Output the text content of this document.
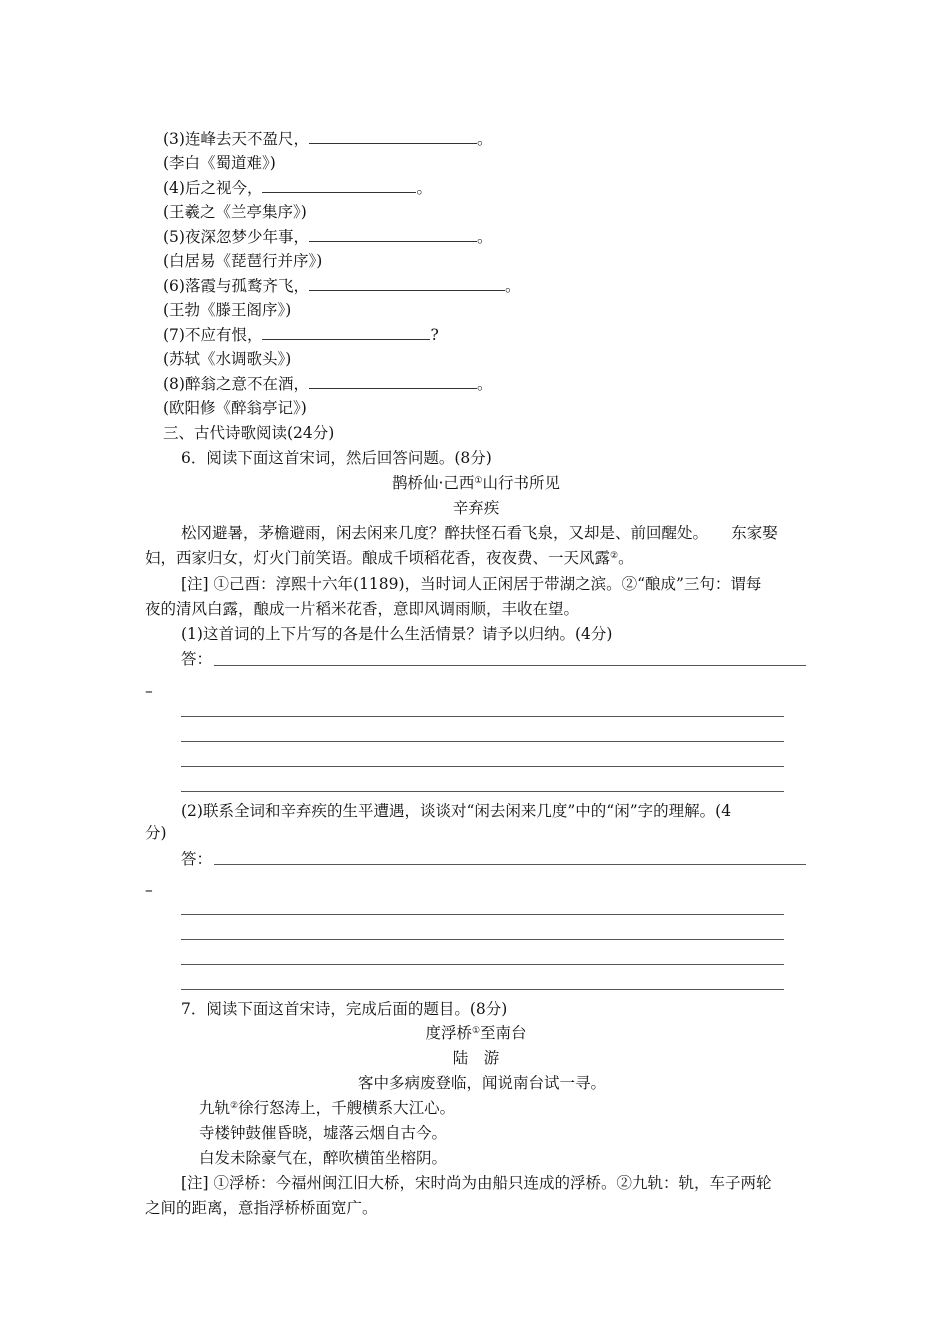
(3)连峰去天不盈尺，	。
(李白《蜀道难》)
(4)后之视今，	。
(王羲之《兰亭集序》)
(5)夜深忽梦少年事，	。
(白居易《琵琶行并序》)
(6)落霞与孤鹜齐飞，	。
(王勃《滕王阁序》)
(7)不应有恨，	?
(苏轼《水调歌头》)
(8)醉翁之意不在酒，	。
(欧阳修《醉翁亭记》)
三、古代诗歌阅读(24分)
6．阅读下面这首宋词，然后回答问题。(8分)
鹊桥仙·己西①山行书所见
辛弃疾
松冈避暑，茅檐避雨，闲去闲来几度？醉扶怪石看飞泉，又却是、前回醒处。　　东家娶
妇，西家归女，灯火门前笑语。酿成千顷稻花香，夜夜费、一天风露②。
[注] ①己酉：淳熙十六年(1189)，当时词人正闲居于带湖之滨。②“酿成”三句：谓每
夜的清风白露，酿成一片稻米花香，意即风调雨顺，丰收在望。
(1)这首词的上下片写的各是什么生活情景？请予以归纳。(4分)
答：
–
(2)联系全词和辛弃疾的生平遭遇，谈谈对“闲去闲来几度”中的“闲”字的理解。(4
分)
答：
–
7．阅读下面这首宋诗，完成后面的题目。(8分)
度浮桥①至南台
陆　游
客中多病废登临，闻说南台试一寻。
九轨②徐行怒涛上，千艘横系大江心。
寺楼钟鼓催昏晓，墟落云烟自古今。
白发未除豪气在，醉吹横笛坐榕阴。
[注] ①浮桥：今福州闽江旧大桥，宋时尚为由船只连成的浮桥。②九轨：轨，车子两轮
之间的距离，意指浮桥桥面宽广。
